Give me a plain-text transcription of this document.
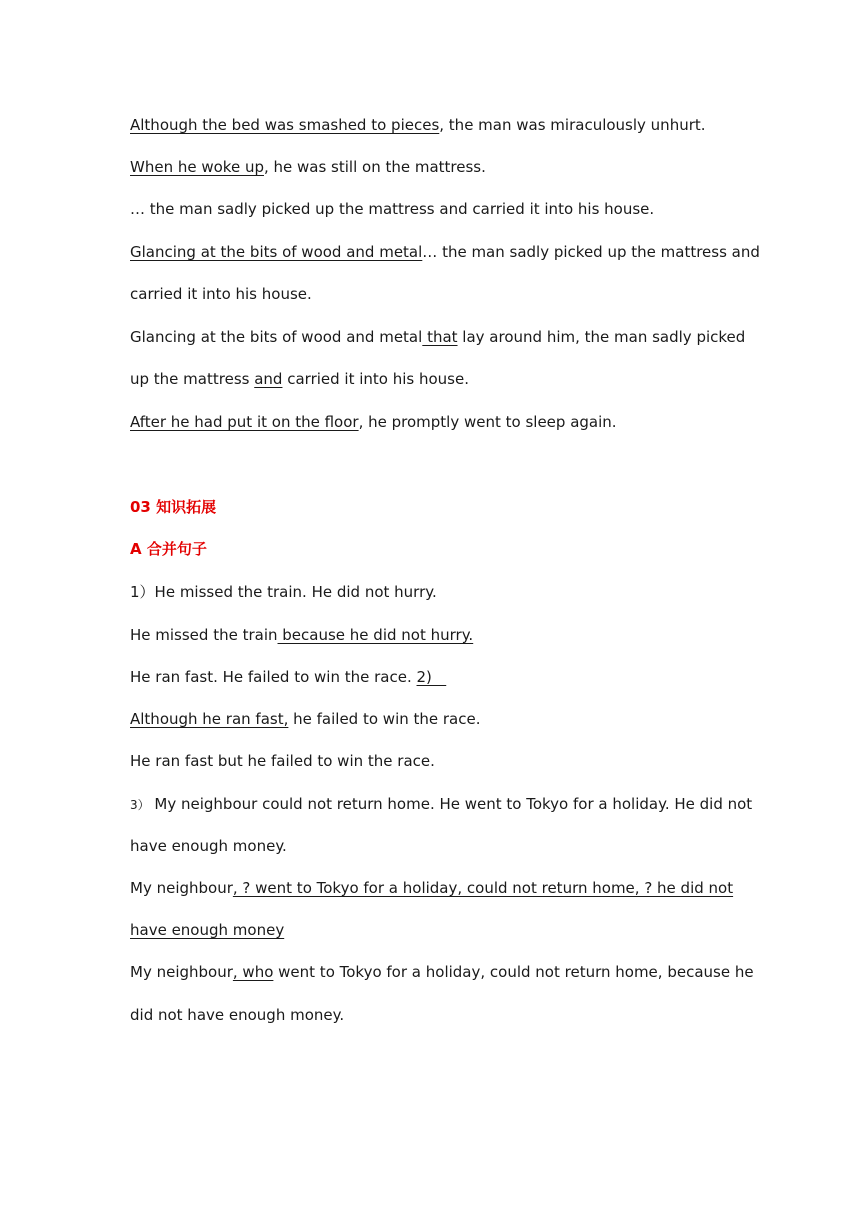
Although the bed was smashed to pieces, the man was miraculously unhurt.
When he woke up, he was still on the mattress.
… the man sadly picked up the mattress and carried it into his house.
Glancing at the bits of wood and metal… the man sadly picked up the mattress and
carried it into his house.
Glancing at the bits of wood and metal that lay around him, the man sadly picked
up the mattress and carried it into his house.
After he had put it on the floor, he promptly went to sleep again.
03 知识拓展
A 合并句子
1）He missed the train. He did not hurry.
He missed the train because he did not hurry.
He ran fast. He failed to win the race. 2)
Although he ran fast, he failed to win the race.
He ran fast but he failed to win the race.
3） My neighbour could not return home. He went to Tokyo for a holiday. He did not
have enough money.
My neighbour, ? went to Tokyo for a holiday, could not return home, ? he did not
have enough money
My neighbour, who went to Tokyo for a holiday, could not return home, because he
did not have enough money.
